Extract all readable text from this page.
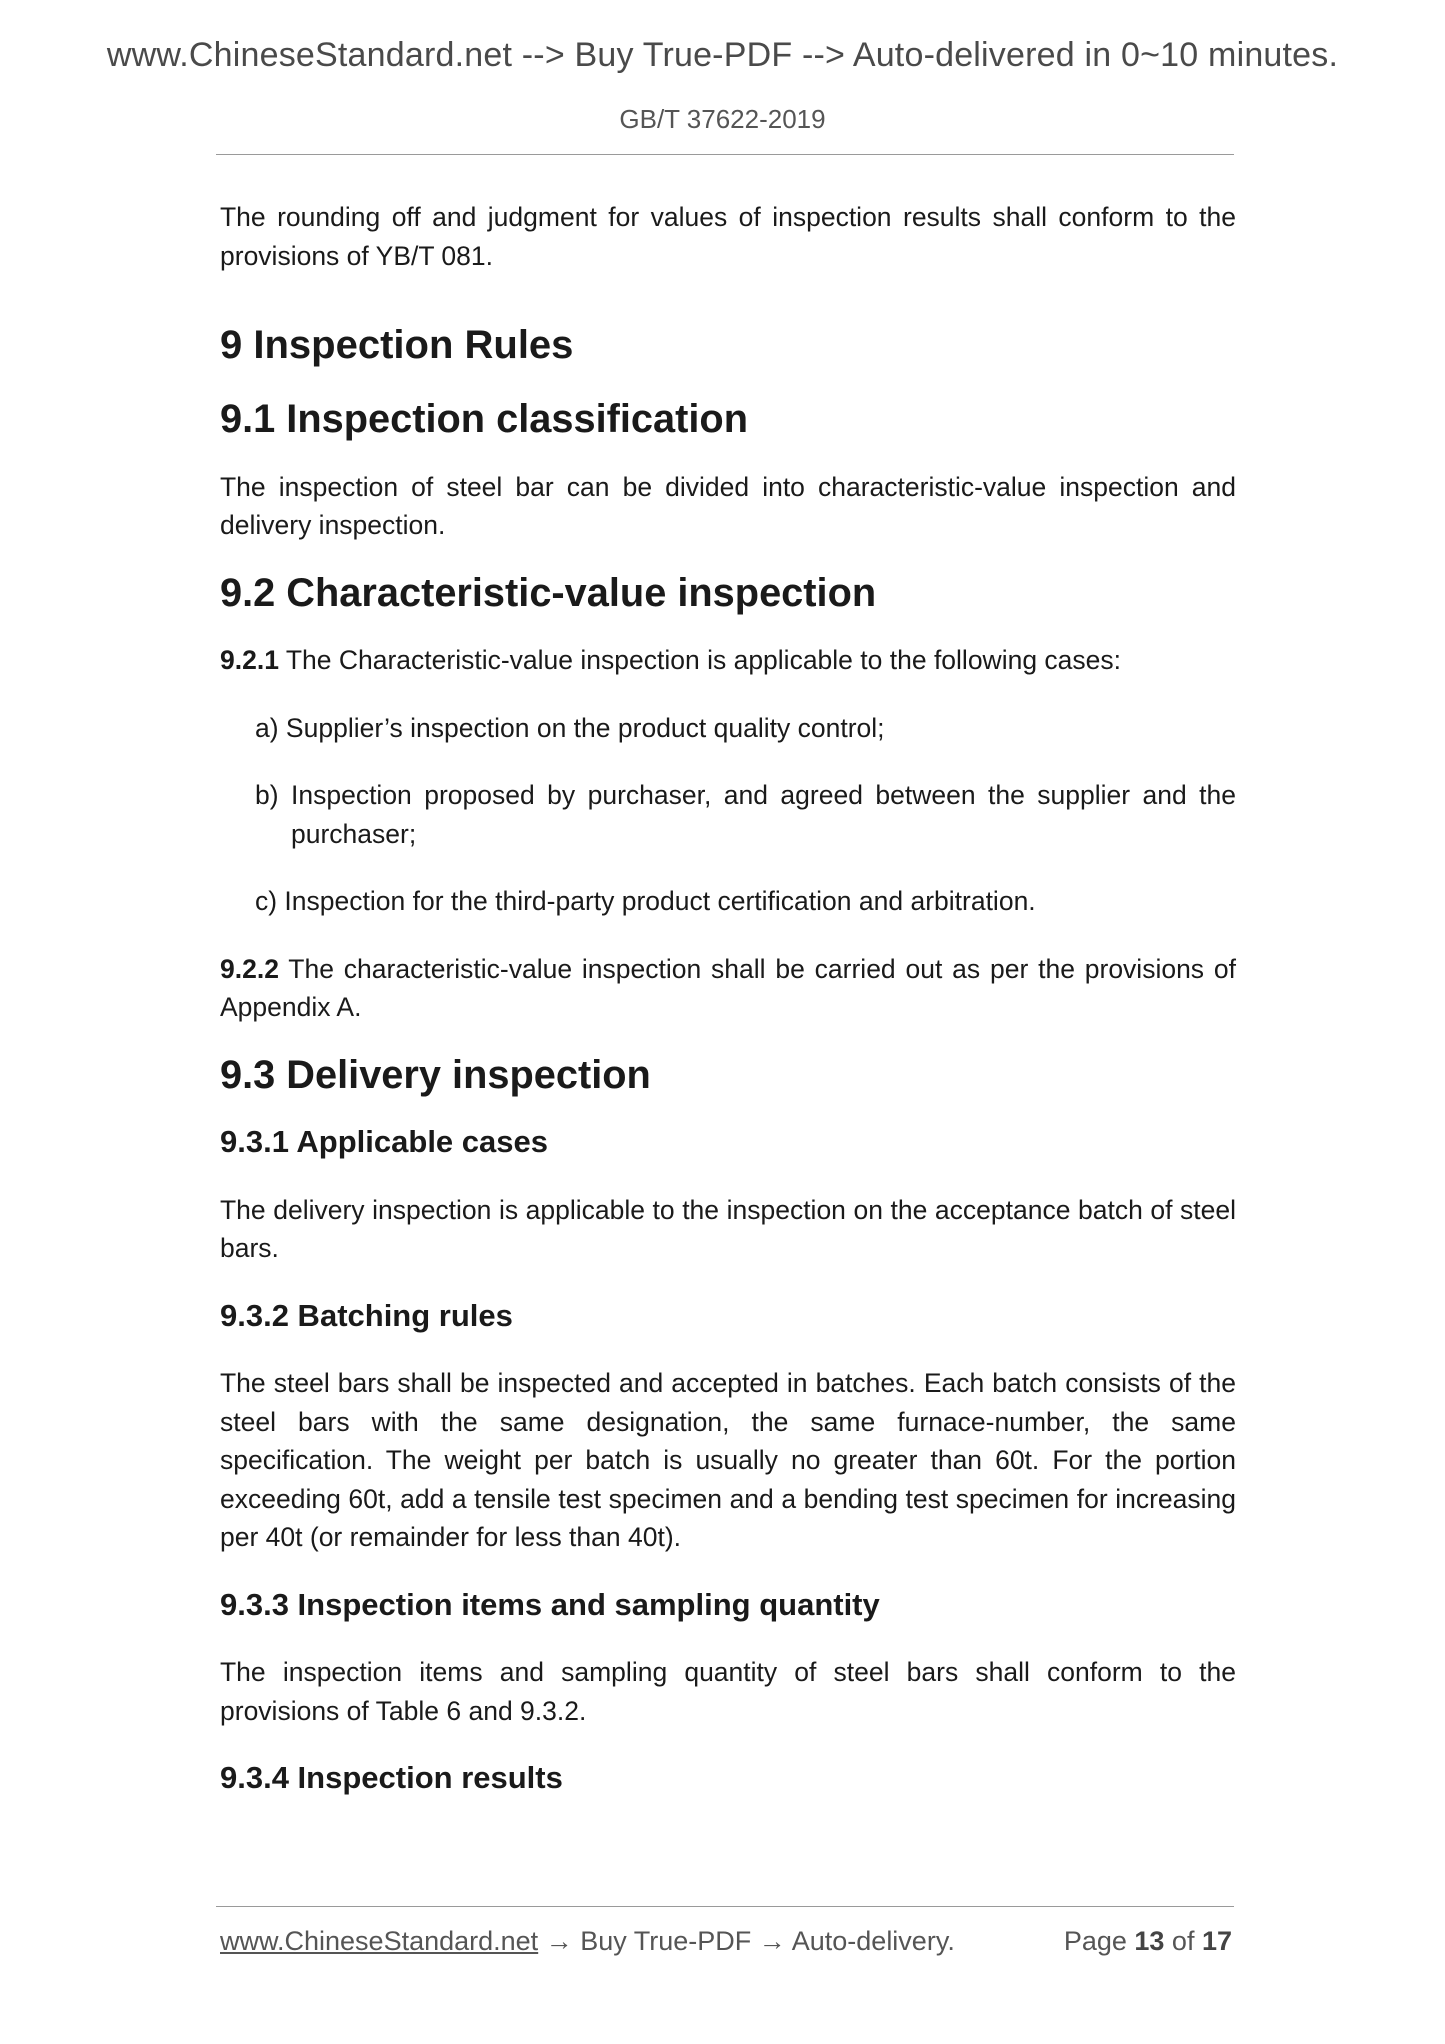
www.ChineseStandard.net --> Buy True-PDF --> Auto-delivered in 0~10 minutes.
GB/T 37622-2019

The rounding off and judgment for values of inspection results shall conform to the provisions of YB/T 081.

9 Inspection Rules
9.1 Inspection classification

The inspection of steel bar can be divided into characteristic-value inspection and delivery inspection.

9.2 Characteristic-value inspection

9.2.1 The Characteristic-value inspection is applicable to the following cases:

a) Supplier’s inspection on the product quality control;

b) Inspection proposed by purchaser, and agreed between the supplier and the purchaser;

c) Inspection for the third-party product certification and arbitration.

9.2.2 The characteristic-value inspection shall be carried out as per the provisions of Appendix A.

9.3 Delivery inspection
9.3.1 Applicable cases

The delivery inspection is applicable to the inspection on the acceptance batch of steel bars.

9.3.2 Batching rules

The steel bars shall be inspected and accepted in batches. Each batch consists of the steel bars with the same designation, the same furnace-number, the same specification. The weight per batch is usually no greater than 60t. For the portion exceeding 60t, add a tensile test specimen and a bending test specimen for increasing per 40t (or remainder for less than 40t).

9.3.3 Inspection items and sampling quantity

The inspection items and sampling quantity of steel bars shall conform to the provisions of Table 6 and 9.3.2.

9.3.4 Inspection results
www.ChineseStandard.net → Buy True-PDF → Auto-delivery.	Page 13 of 17
